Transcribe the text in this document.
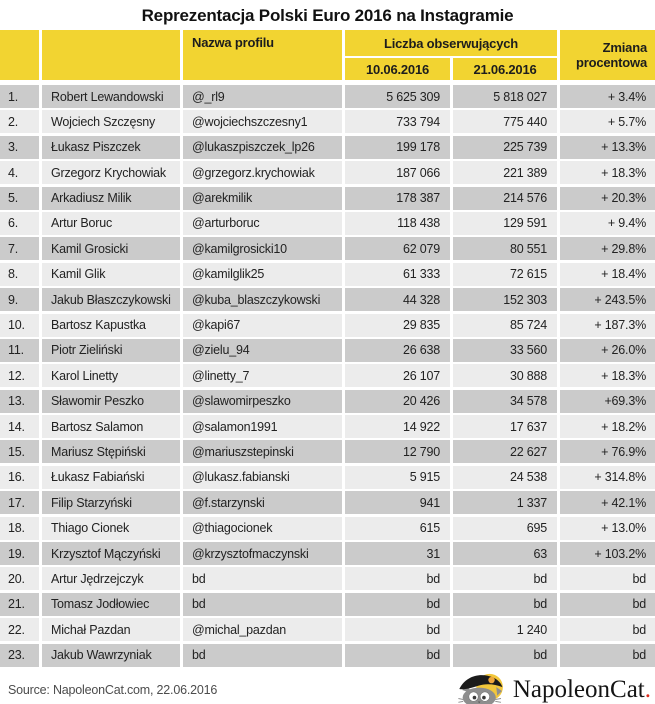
Reprezentacja Polski Euro 2016 na Instagramie
Nazwa profilu	Liczba obserwujących	Zmiana procentowa
10.06.2016	21.06.2016
1.	Robert Lewandowski	@_rl9	5 625 309	5 818 027	+ 3.4%
2.	Wojciech Szczęsny	@wojciechszczesny1	733 794	775 440	+ 5.7%
3.	Łukasz Piszczek	@lukaszpiszczek_lp26	199 178	225 739	+ 13.3%
4.	Grzegorz Krychowiak	@grzegorz.krychowiak	187 066	221 389	+ 18.3%
5.	Arkadiusz Milik	@arekmilik	178 387	214 576	+ 20.3%
6.	Artur Boruc	@arturboruc	118 438	129 591	+ 9.4%
7.	Kamil Grosicki	@kamilgrosicki10	62 079	80 551	+ 29.8%
8.	Kamil Glik	@kamilglik25	61 333	72 615	+ 18.4%
9.	Jakub Błaszczykowski	@kuba_blaszczykowski	44 328	152 303	+ 243.5%
10.	Bartosz Kapustka	@kapi67	29 835	85 724	+ 187.3%
11.	Piotr Zieliński	@zielu_94	26 638	33 560	+ 26.0%
12.	Karol Linetty	@linetty_7	26 107	30 888	+ 18.3%
13.	Sławomir Peszko	@slawomirpeszko	20 426	34 578	+69.3%
14.	Bartosz Salamon	@salamon1991	14 922	17 637	+ 18.2%
15.	Mariusz Stępiński	@mariuszstepinski	12 790	22 627	+ 76.9%
16.	Łukasz Fabiański	@lukasz.fabianski	5 915	24 538	+ 314.8%
17.	Filip Starzyński	@f.starzynski	941	1 337	+ 42.1%
18.	Thiago Cionek	@thiagocionek	615	695	+ 13.0%
19.	Krzysztof Mączyński	@krzysztofmaczynski	31	63	+ 103.2%
20.	Artur Jędrzejczyk	bd	bd	bd	bd
21.	Tomasz Jodłowiec	bd	bd	bd	bd
22.	Michał Pazdan	@michal_pazdan	bd	1 240	bd
23.	Jakub Wawrzyniak	bd	bd	bd	bd
Source: NapoleonCat.com, 22.06.2016	NapoleonCat.
